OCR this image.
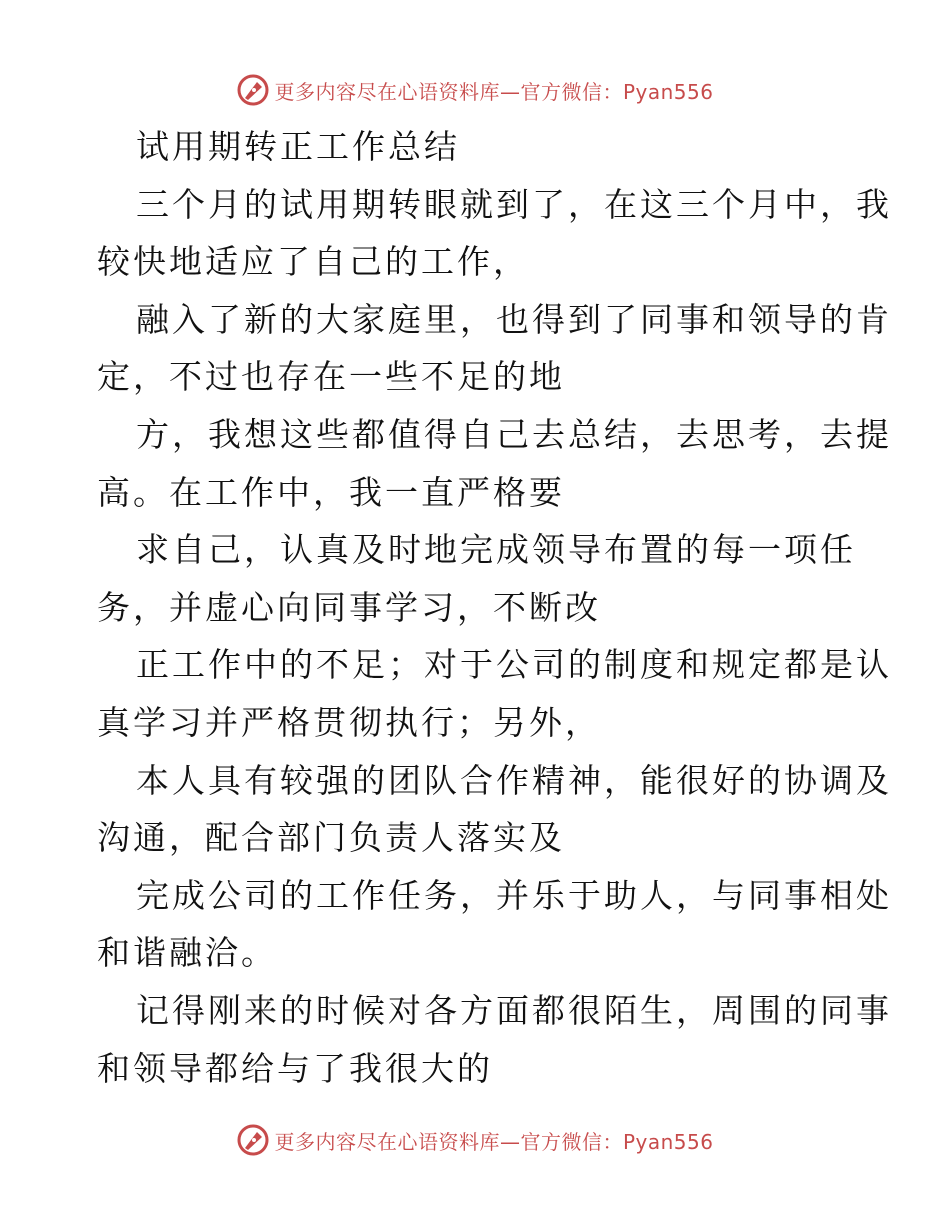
更多内容尽在心语资料库—官方微信：Pyan556
试用期转正工作总结
三个月的试用期转眼就到了，在这三个月中，我
较快地适应了自己的工作，
融入了新的大家庭里，也得到了同事和领导的肯
定，不过也存在一些不足的地
方，我想这些都值得自己去总结，去思考，去提
高。在工作中，我一直严格要
求自己，认真及时地完成领导布置的每一项任
务，并虚心向同事学习，不断改
正工作中的不足；对于公司的制度和规定都是认
真学习并严格贯彻执行；另外，
本人具有较强的团队合作精神，能很好的协调及
沟通，配合部门负责人落实及
完成公司的工作任务，并乐于助人，与同事相处
和谐融洽。
记得刚来的时候对各方面都很陌生，周围的同事
和领导都给与了我很大的
更多内容尽在心语资料库—官方微信：Pyan556
